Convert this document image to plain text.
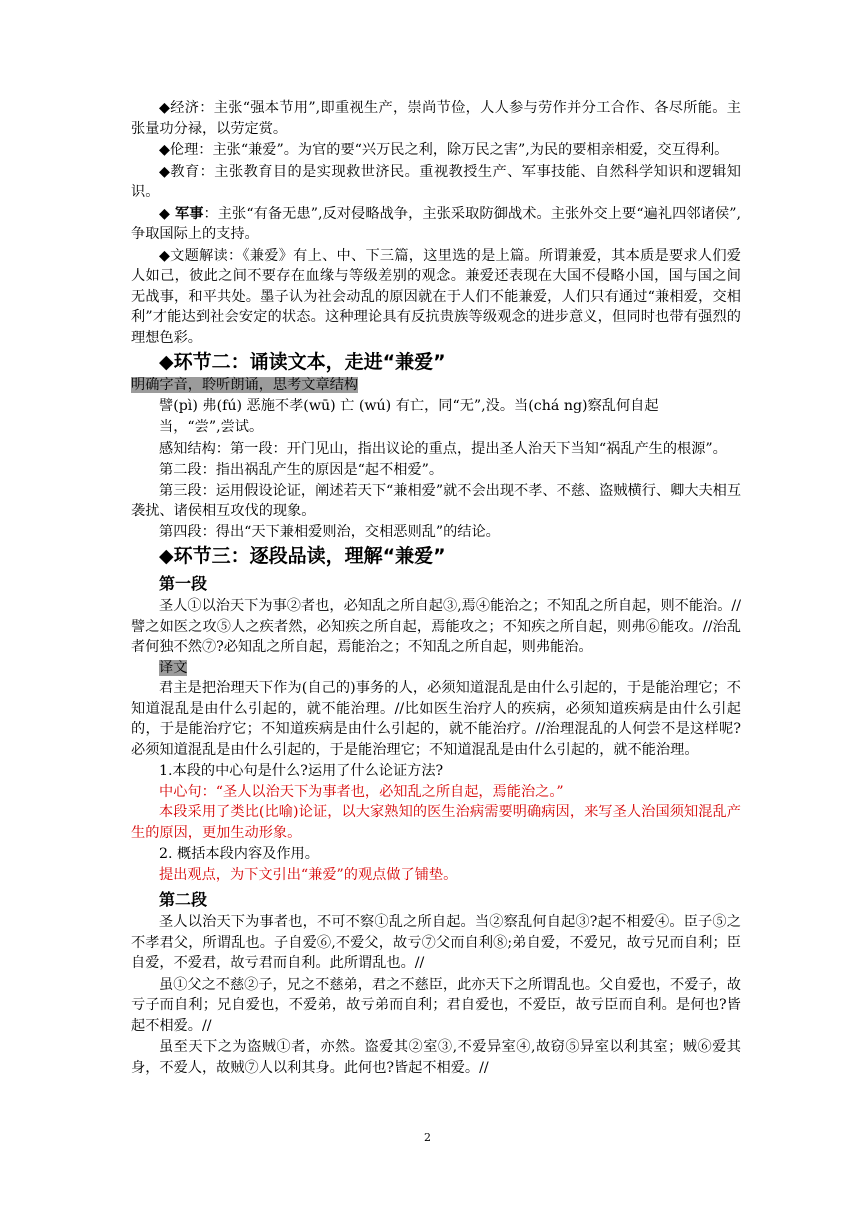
◆经济：主张“强本节用”,即重视生产，崇尚节俭，人人参与劳作并分工合作、各尽所能。主张量功分禄，以劳定赏。

◆伦理：主张“兼爱”。为官的要“兴万民之利，除万民之害”,为民的要相亲相爱，交互得利。

◆教育：主张教育目的是实现救世济民。重视教授生产、军事技能、自然科学知识和逻辑知识。

◆ 军事：主张“有备无患”,反对侵略战争，主张采取防御战术。主张外交上要“遍礼四邻诸侯”,争取国际上的支持。

◆文题解读：《兼爱》有上、中、下三篇，这里选的是上篇。所谓兼爱，其本质是要求人们爱人如己，彼此之间不要存在血缘与等级差别的观念。兼爱还表现在大国不侵略小国，国与国之间无战事，和平共处。墨子认为社会动乱的原因就在于人们不能兼爱，人们只有通过“兼相爱，交相利”才能达到社会安定的状态。这种理论具有反抗贵族等级观念的进步意义，但同时也带有强烈的理想色彩。

◆环节二：诵读文本，走进“兼爱”

明确字音，聆听朗诵，思考文章结构

譬(pì) 弗(fú) 恶施不孝(wū) 亡 (wú) 有亡，同“无”,没。当(chá ng)察乱何自起

当，“尝”,尝试。

感知结构：第一段：开门见山，指出议论的重点，提出圣人治天下当知“祸乱产生的根源”。

第二段：指出祸乱产生的原因是“起不相爱”。

第三段：运用假设论证，阐述若天下“兼相爱”就不会出现不孝、不慈、盗贼横行、卿大夫相互袭扰、诸侯相互攻伐的现象。

第四段：得出“天下兼相爱则治，交相恶则乱”的结论。

◆环节三：逐段品读，理解“兼爱”

第一段

圣人①以治天下为事②者也，必知乱之所自起③,焉④能治之；不知乱之所自起，则不能治。//譬之如医之攻⑤人之疾者然，必知疾之所自起，焉能攻之；不知疾之所自起，则弗⑥能攻。//治乱者何独不然⑦?必知乱之所自起，焉能治之；不知乱之所自起，则弗能治。

译文

君主是把治理天下作为(自己的)事务的人，必须知道混乱是由什么引起的，于是能治理它；不知道混乱是由什么引起的，就不能治理。//比如医生治疗人的疾病，必须知道疾病是由什么引起的，于是能治疗它；不知道疾病是由什么引起的，就不能治疗。//治理混乱的人何尝不是这样呢?必须知道混乱是由什么引起的，于是能治理它；不知道混乱是由什么引起的，就不能治理。

1.本段的中心句是什么?运用了什么论证方法?

中心句：“圣人以治天下为事者也，必知乱之所自起，焉能治之。”

本段采用了类比(比喻)论证，以大家熟知的医生治病需要明确病因，来写圣人治国须知混乱产生的原因，更加生动形象。

2. 概括本段内容及作用。

提出观点，为下文引出“兼爱”的观点做了铺垫。

第二段

圣人以治天下为事者也，不可不察①乱之所自起。当②察乱何自起③?起不相爱④。臣子⑤之不孝君父，所谓乱也。子自爱⑥,不爱父，故亏⑦父而自利⑧;弟自爱，不爱兄，故亏兄而自利；臣自爱，不爱君，故亏君而自利。此所谓乱也。//

虽①父之不慈②子，兄之不慈弟，君之不慈臣，此亦天下之所谓乱也。父自爱也，不爱子，故亏子而自利；兄自爱也，不爱弟，故亏弟而自利；君自爱也，不爱臣，故亏臣而自利。是何也?皆起不相爱。//

虽至天下之为盗贼①者，亦然。盗爱其②室③,不爱异室④,故窃⑤异室以利其室；贼⑥爱其身，不爱人，故贼⑦人以利其身。此何也?皆起不相爱。//

2
